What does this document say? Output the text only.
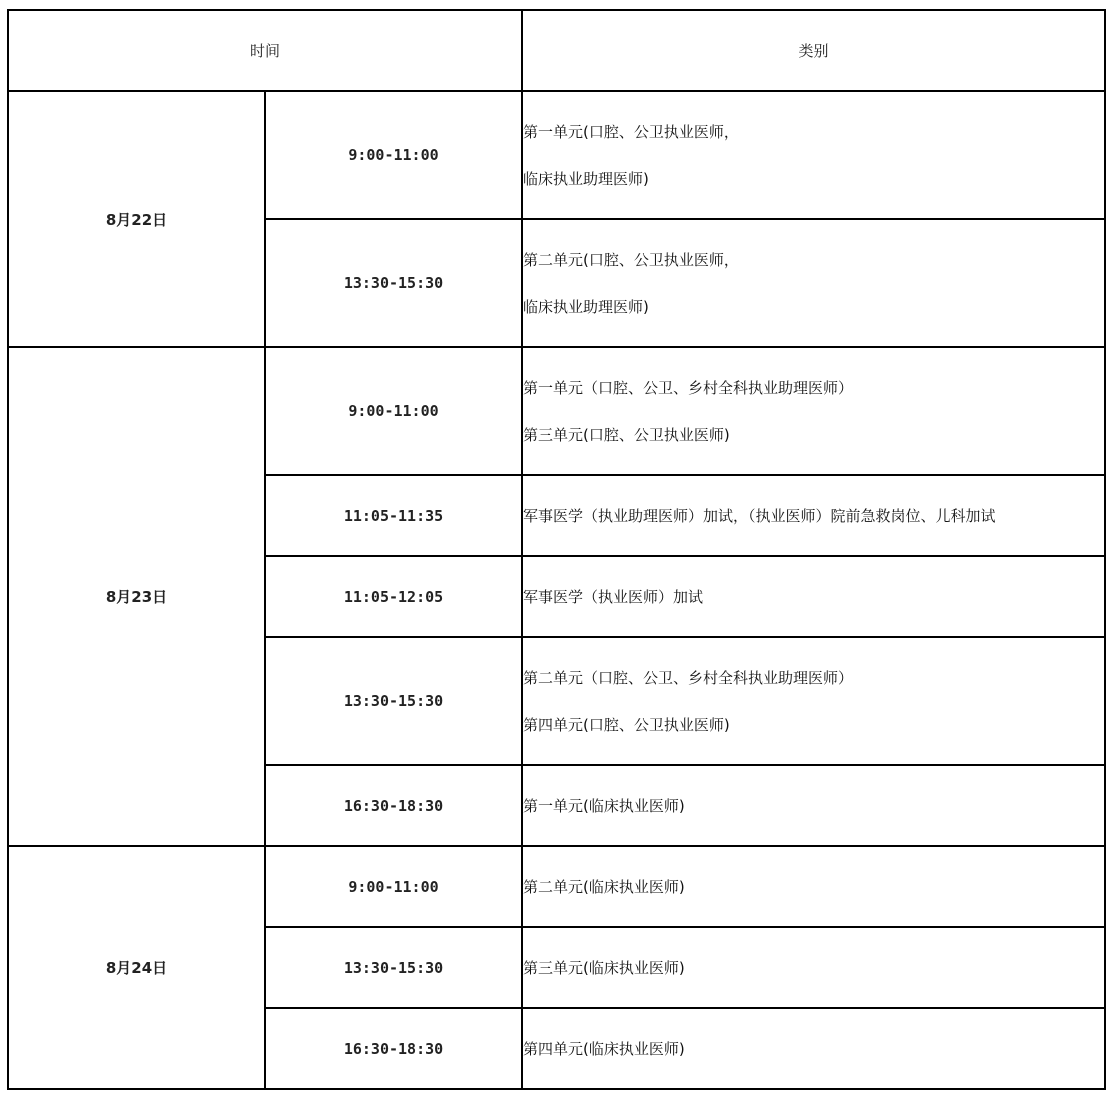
时间		类别
8月22日	9:00-11:00	第一单元(口腔、公卫执业医师，
临床执业助理医师)

	13:30-15:30	第二单元(口腔、公卫执业医师，
临床执业助理医师)

8月23日	9:00-11:00	第一单元（口腔、公卫、乡村全科执业助理医师）
第三单元(口腔、公卫执业医师)

	11:05-11:35	军事医学（执业助理医师）加试，（执业医师）院前急救岗位、儿科加试

	11:05-12:05	军事医学（执业医师）加试

	13:30-15:30	第二单元（口腔、公卫、乡村全科执业助理医师）
第四单元(口腔、公卫执业医师)

	16:30-18:30	第一单元(临床执业医师)

8月24日	9:00-11:00	第二单元(临床执业医师)

	13:30-15:30	第三单元(临床执业医师)

	16:30-18:30	第四单元(临床执业医师)
